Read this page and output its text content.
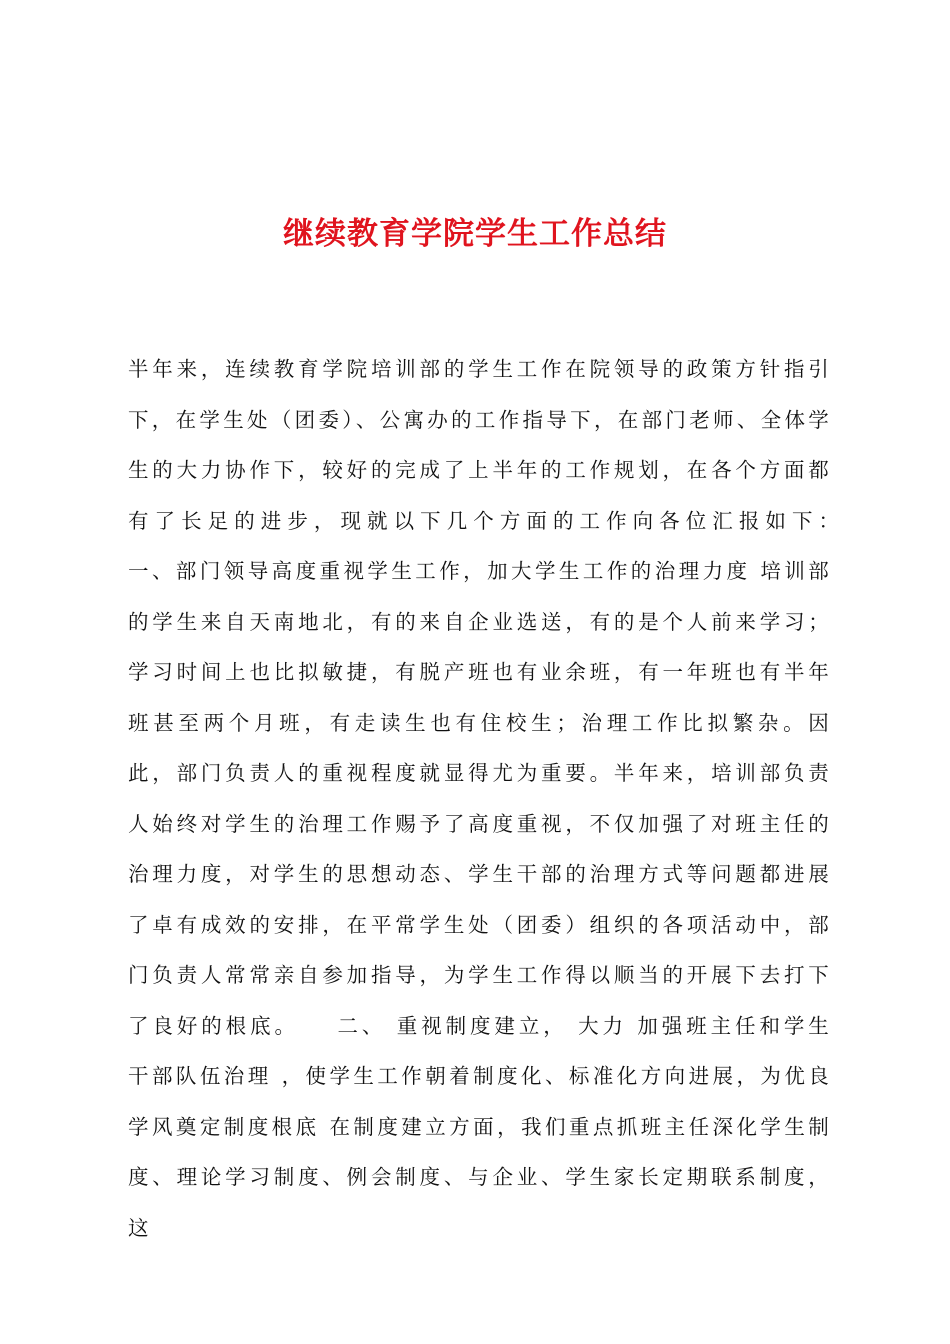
继续教育学院学生工作总结

半年来，连续教育学院培训部的学生工作在院领导的政策方针指引下，在学生处（团委）、公寓办的工作指导下，在部门老师、全体学生的大力协作下，较好的完成了上半年的工作规划，在各个方面都有了长足的进步，现就以下几个方面的工作向各位汇报如下：　　一、部门领导高度重视学生工作，加大学生工作的治理力度 培训部的学生来自天南地北，有的来自企业选送，有的是个人前来学习；学习时间上也比拟敏捷，有脱产班也有业余班，有一年班也有半年班甚至两个月班，有走读生也有住校生；治理工作比拟繁杂。因此，部门负责人的重视程度就显得尤为重要。半年来，培训部负责人始终对学生的治理工作赐予了高度重视，不仅加强了对班主任的治理力度，对学生的思想动态、学生干部的治理方式等问题都进展了卓有成效的安排，在平常学生处（团委）组织的各项活动中，部门负责人常常亲自参加指导，为学生工作得以顺当的开展下去打下了良好的根底。　　二、 重视制度建立， 大力 加强班主任和学生干部队伍治理 ，使学生工作朝着制度化、标准化方向进展，为优良学风奠定制度根底 在制度建立方面，我们重点抓班主任深化学生制度、理论学习制度、例会制度、与企业、学生家长定期联系制度，这
